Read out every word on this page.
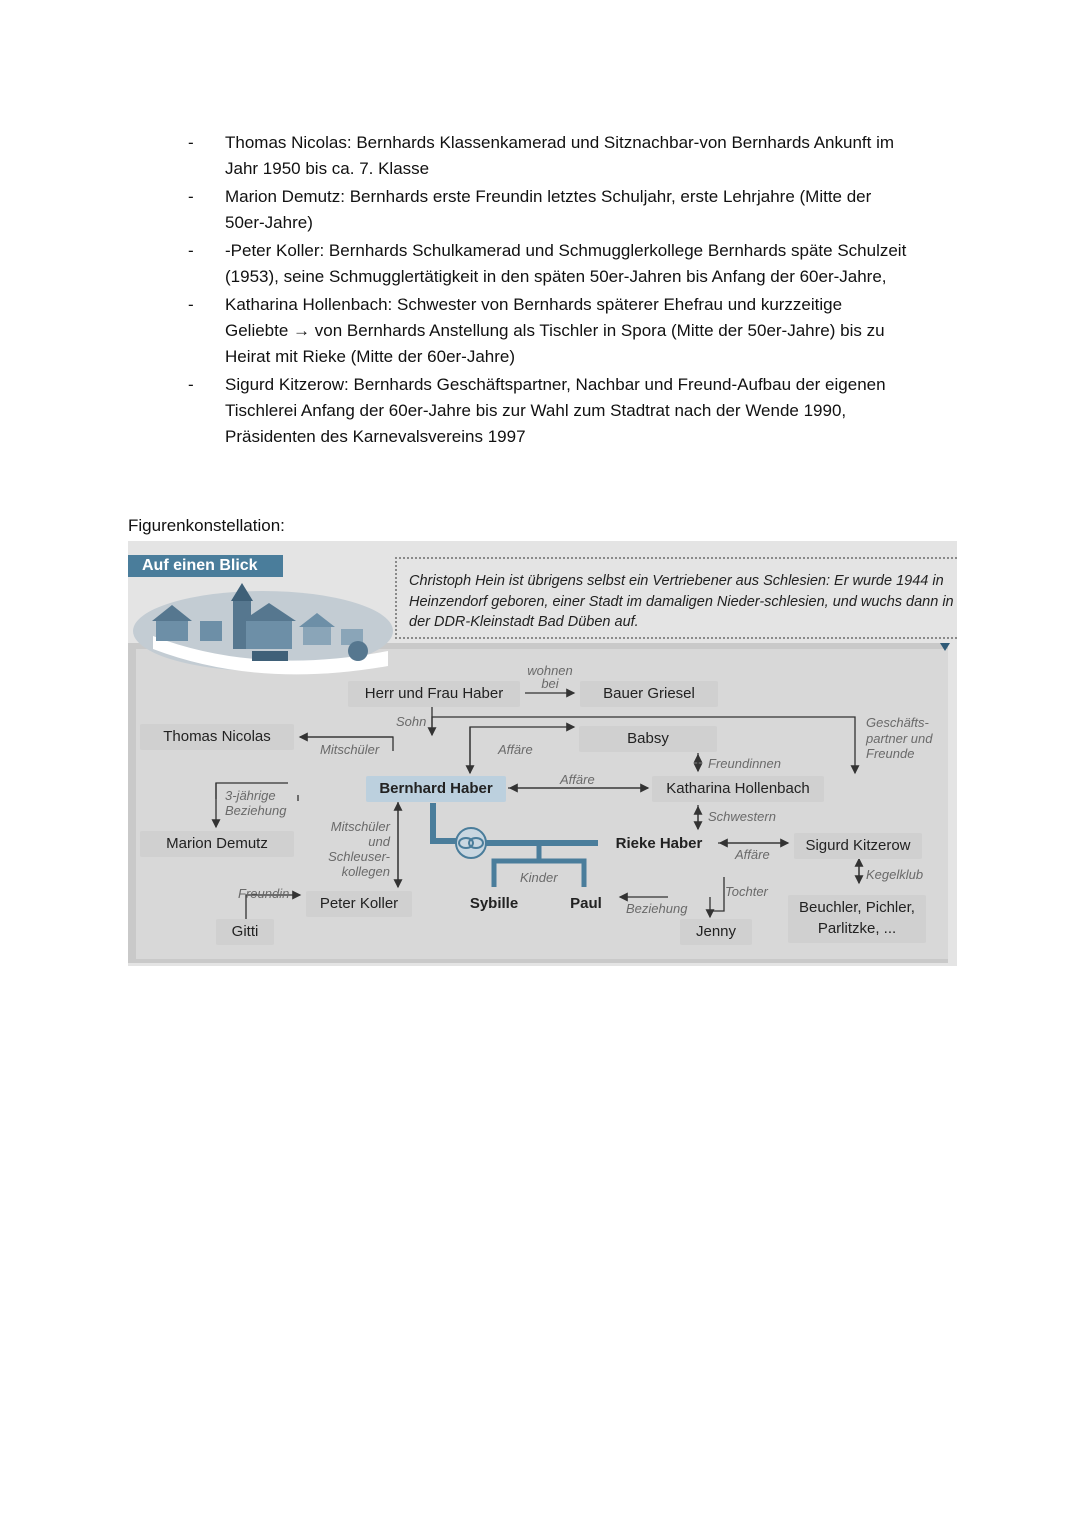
- Thomas Nicolas: Bernhards Klassenkamerad und Sitznachbar-von Bernhards Ankunft im
Jahr 1950 bis ca. 7. Klasse
- Marion Demutz: Bernhards erste Freundin letztes Schuljahr, erste Lehrjahre (Mitte der
50er-Jahre)
- -Peter Koller: Bernhards Schulkamerad und Schmugglerkollege Bernhards späte Schulzeit
(1953), seine Schmugglertätigkeit in den späten 50er-Jahren bis Anfang der 60er-Jahre,
- Katharina Hollenbach: Schwester von Bernhards späterer Ehefrau und kurzzeitige
Geliebte → von Bernhards Anstellung als Tischler in Spora (Mitte der 50er-Jahre) bis zu
Heirat mit Rieke (Mitte der 60er-Jahre)
- Sigurd Kitzerow: Bernhards Geschäftspartner, Nachbar und Freund-Aufbau der eigenen
Tischlerei Anfang der 60er-Jahre bis zur Wahl zum Stadtrat nach der Wende 1990,
Präsidenten des Karnevalsvereins 1997
Figurenkonstellation:
Auf einen Blick
Christoph Hein ist übrigens selbst ein Vertriebener aus Schlesien: Er wurde 1944 in Heinzendorf geboren, einer Stadt im damaligen Nieder-schlesien, und wuchs dann in der DDR-Kleinstadt Bad Düben auf.
Herr und Frau Haber	Bauer Griesel
Thomas Nicolas	Babsy
Bernhard Haber	Katharina Hollenbach
Marion Demutz	Rieke Haber	Sigurd Kitzerow
Peter Koller	Sybille	Paul
Gitti	Jenny
Beuchler, Pichler, Parlitzke, ...
wohnen bei
Sohn
Mitschüler	Affäre
Affäre
Freundinnen
Schwestern
Geschäfts-partner und Freunde
3-jährige Beziehung
Mitschüler und Schleuser-kollegen
Affäre
Kinder
Tochter
Beziehung
Kegelklub
Freundin
